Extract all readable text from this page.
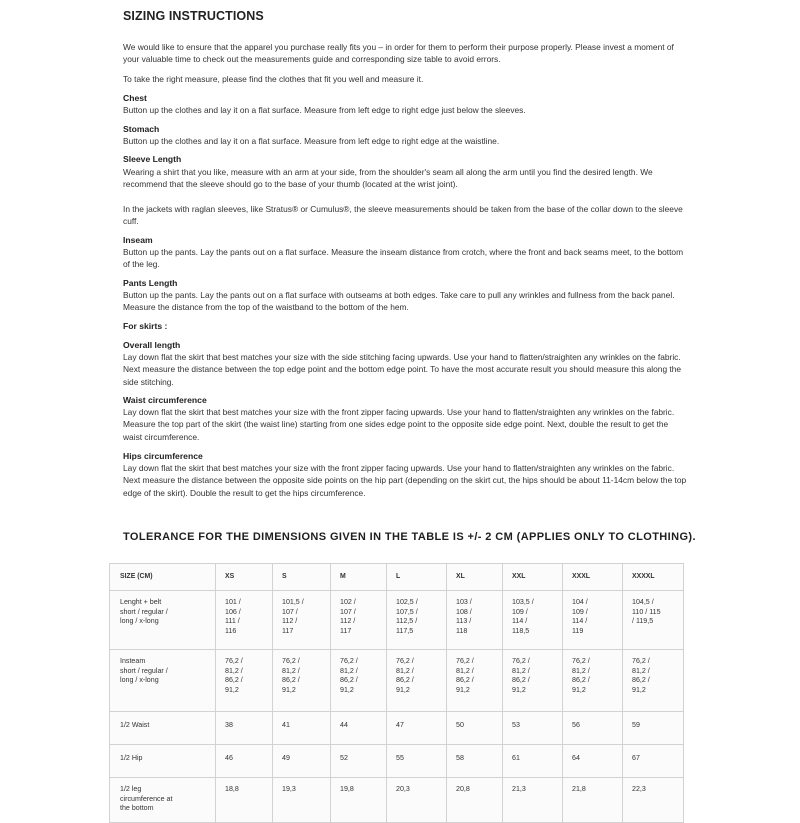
SIZING INSTRUCTIONS
We would like to ensure that the apparel you purchase really fits you – in order for them to perform their purpose properly. Please invest a moment of your valuable time to check out the measurements guide and corresponding size table to avoid errors.
To take the right measure, please find the clothes that fit you well and measure it.
Chest
Button up the clothes and lay it on a flat surface. Measure from left edge to right edge just below the sleeves.
Stomach
Button up the clothes and lay it on a flat surface. Measure from left edge to right edge at the waistline.
Sleeve Length
Wearing a shirt that you like, measure with an arm at your side, from the shoulder's seam all along the arm until you find the desired length. We recommend that the sleeve should go to the base of your thumb (located at the wrist joint).
In the jackets with raglan sleeves, like Stratus® or Cumulus®, the sleeve measurements should be taken from the base of the collar down to the sleeve cuff.
Inseam
Button up the pants. Lay the pants out on a flat surface. Measure the inseam distance from crotch, where the front and back seams meet, to the bottom of the leg.
Pants Length
Button up the pants. Lay the pants out on a flat surface with outseams at both edges. Take care to pull any wrinkles and fullness from the back panel. Measure the distance from the top of the waistband to the bottom of the hem.
For skirts :
Overall length
Lay down flat the skirt that best matches your size with the side stitching facing upwards. Use your hand to flatten/straighten any wrinkles on the fabric. Next measure the distance between the top edge point and the bottom edge point. To have the most accurate result you should measure this along the side stitching.
Waist circumference
Lay down flat the skirt that best matches your size with the front zipper facing upwards. Use your hand to flatten/straighten any wrinkles on the fabric. Measure the top part of the skirt (the waist line) starting from one sides edge point to the opposite side edge point. Next, double the result to get the waist circumference.
Hips circumference
Lay down flat the skirt that best matches your size with the front zipper facing upwards. Use your hand to flatten/straighten any wrinkles on the fabric. Next measure the distance between the opposite side points on the hip part (depending on the skirt cut, the hips should be about 11-14cm below the top edge of the skirt). Double the result to get the hips circumference.
TOLERANCE FOR THE DIMENSIONS GIVEN IN THE TABLE IS +/- 2 CM (APPLIES ONLY TO CLOTHING).
SIZE (CM)	XS	S	M	L	XL	XXL	XXXL	XXXXL
Lenght + belt
short / regular /
long / x-long	101 /
106 /
111 /
116	101,5 /
107 /
112 /
117	102 /
107 /
112 /
117	102,5 /
107,5 /
112,5 /
117,5	103 /
108 /
113 /
118	103,5 /
109 /
114 /
118,5	104 /
109 /
114 /
119	104,5 /
110 / 115
/ 119,5
Insteam
short / regular /
long / x-long	76,2 /
81,2 /
86,2 /
91,2	76,2 /
81,2 /
86,2 /
91,2	76,2 /
81,2 /
86,2 /
91,2	76,2 /
81,2 /
86,2 /
91,2	76,2 /
81,2 /
86,2 /
91,2	76,2 /
81,2 /
86,2 /
91,2	76,2 /
81,2 /
86,2 /
91,2	76,2 /
81,2 /
86,2 /
91,2
1/2 Waist	38	41	44	47	50	53	56	59
1/2 Hip	46	49	52	55	58	61	64	67
1/2 leg
circumference at
the bottom	18,8	19,3	19,8	20,3	20,8	21,3	21,8	22,3
